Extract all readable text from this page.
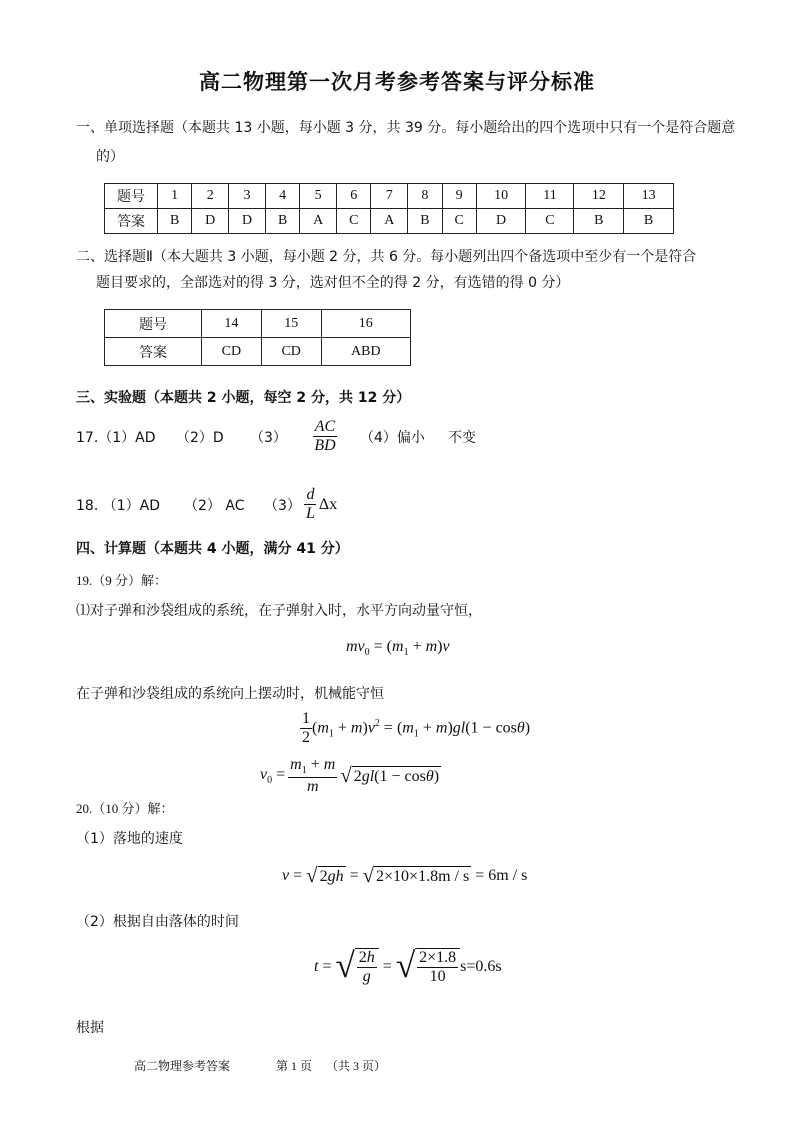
高二物理第一次月考参考答案与评分标准
一、单项选择题（本题共 13 小题，每小题 3 分，共 39 分。每小题给出的四个选项中只有一个是符合题意
的）
题号	1	2	3	4	5	6	7	8	9	10	11	12	13
答案	B	D	D	B	A	C	A	B	C	D	C	B	B
二、选择题Ⅱ（本大题共 3 小题，每小题 2 分，共 6 分。每小题列出四个备选项中至少有一个是符合
题目要求的，全部选对的得 3 分，选对但不全的得 2 分，有选错的得 0 分）
题号	14	15	16
答案	CD	CD	ABD
三、实验题（本题共 2 小题，每空 2 分，共 12 分）
17.（1）AD	（2）D	$(3) \frac{AC}{BD} (4)$偏小	不变
18. （1）AD	（2） AC	$(3) \frac{d}{L}$ Δx
四、计算题（本题共 4 小题，满分 41 分）
19.（9 分）解：
⑴对子弹和沙袋组成的系统，在子弹射入时，水平方向动量守恒，
$mv_0 = (m_1 + m)v$
在子弹和沙袋组成的系统向上摆动时，机械能守恒
$\frac{1}{2} (m_1 + m)v^2 = (m_1 + m)gl(1 - \cos\theta)$
$v_0 = \frac{m_1 + m}{m}$ √ 2 gl (1 − cos θ )
20.（10 分）解：
（1）落地的速度
v = √ 2 gh = √ 2×10×1.8m / s = 6m / s
（2）根据自由落体的时间
t = √ $\frac{2h}{g}$ = √ $\frac{2\times 1.8}{10} s=0.6s$
根据
高二物理参考答案	第 1 页 （共 3 页）
